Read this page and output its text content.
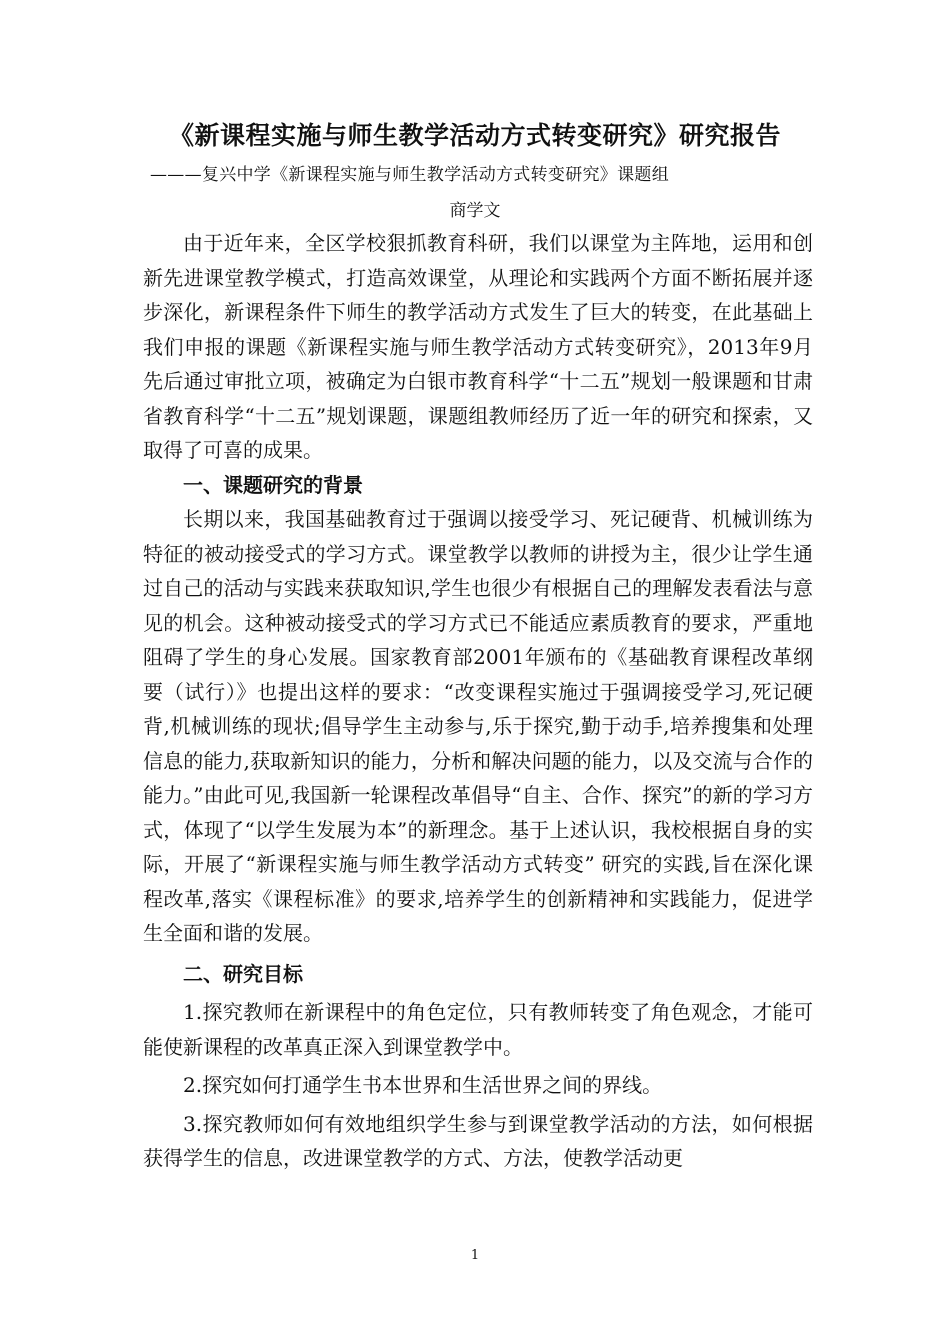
《新课程实施与师生教学活动方式转变研究》研究报告
———复兴中学《新课程实施与师生教学活动方式转变研究》课题组
商学文

由于近年来，全区学校狠抓教育科研，我们以课堂为主阵地，运用和创新先进课堂教学模式，打造高效课堂，从理论和实践两个方面不断拓展并逐步深化，新课程条件下师生的教学活动方式发生了巨大的转变，在此基础上我们申报的课题《新课程实施与师生教学活动方式转变研究》，2013年9月先后通过审批立项，被确定为白银市教育科学“十二五”规划一般课题和甘肃省教育科学“十二五”规划课题，课题组教师经历了近一年的研究和探索，又取得了可喜的成果。

一、课题研究的背景

长期以来，我国基础教育过于强调以接受学习、死记硬背、机械训练为特征的被动接受式的学习方式。课堂教学以教师的讲授为主，很少让学生通过自己的活动与实践来获取知识,学生也很少有根据自己的理解发表看法与意见的机会。这种被动接受式的学习方式已不能适应素质教育的要求，严重地阻碍了学生的身心发展。国家教育部2001年颁布的《基础教育课程改革纲要（试行）》也提出这样的要求：“改变课程实施过于强调接受学习,死记硬背,机械训练的现状;倡导学生主动参与,乐于探究,勤于动手,培养搜集和处理信息的能力,获取新知识的能力，分析和解决问题的能力，以及交流与合作的能力。”由此可见,我国新一轮课程改革倡导“自主、合作、探究”的新的学习方式，体现了“以学生发展为本”的新理念。基于上述认识，我校根据自身的实际，开展了“新课程实施与师生教学活动方式转变” 研究的实践,旨在深化课程改革,落实《课程标准》的要求,培养学生的创新精神和实践能力，促进学生全面和谐的发展。

二、研究目标

1.探究教师在新课程中的角色定位，只有教师转变了角色观念，才能可能使新课程的改革真正深入到课堂教学中。

2.探究如何打通学生书本世界和生活世界之间的界线。

3.探究教师如何有效地组织学生参与到课堂教学活动的方法，如何根据获得学生的信息，改进课堂教学的方式、方法，使教学活动更

1
